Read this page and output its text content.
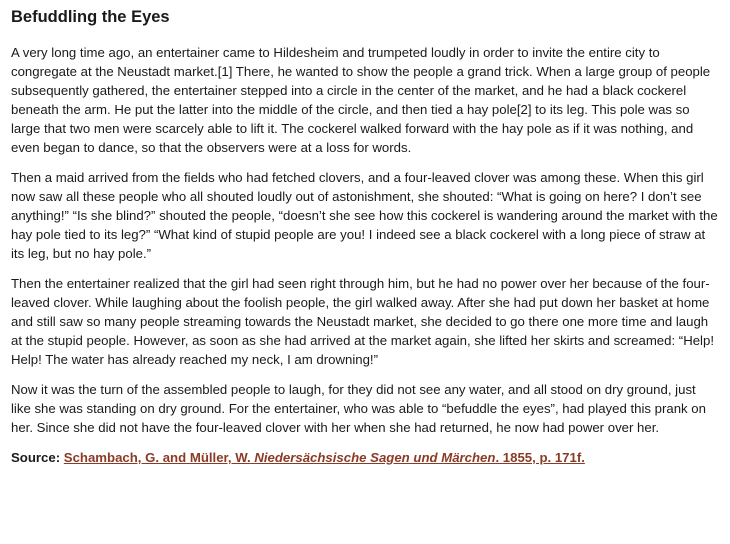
Befuddling the Eyes

A very long time ago, an entertainer came to Hildesheim and trumpeted loudly in order to invite the entire city to congregate at the Neustadt market.[1] There, he wanted to show the people a grand trick. When a large group of people subsequently gathered, the entertainer stepped into a circle in the center of the market, and he had a black cockerel beneath the arm. He put the latter into the middle of the circle, and then tied a hay pole[2] to its leg. This pole was so large that two men were scarcely able to lift it. The cockerel walked forward with the hay pole as if it was nothing, and even began to dance, so that the observers were at a loss for words.

Then a maid arrived from the fields who had fetched clovers, and a four-leaved clover was among these. When this girl now saw all these people who all shouted loudly out of astonishment, she shouted: “What is going on here? I don’t see anything!” “Is she blind?” shouted the people, “doesn’t she see how this cockerel is wandering around the market with the hay pole tied to its leg?” “What kind of stupid people are you! I indeed see a black cockerel with a long piece of straw at its leg, but no hay pole.”

Then the entertainer realized that the girl had seen right through him, but he had no power over her because of the four-leaved clover. While laughing about the foolish people, the girl walked away. After she had put down her basket at home and still saw so many people streaming towards the Neustadt market, she decided to go there one more time and laugh at the stupid people. However, as soon as she had arrived at the market again, she lifted her skirts and screamed: “Help! Help! The water has already reached my neck, I am drowning!”

Now it was the turn of the assembled people to laugh, for they did not see any water, and all stood on dry ground, just like she was standing on dry ground. For the entertainer, who was able to “befuddle the eyes”, had played this prank on her. Since she did not have the four-leaved clover with her when she had returned, he now had power over her.

Source: Schambach, G. and Müller, W. Niedersächsische Sagen und Märchen. 1855, p. 171f.
